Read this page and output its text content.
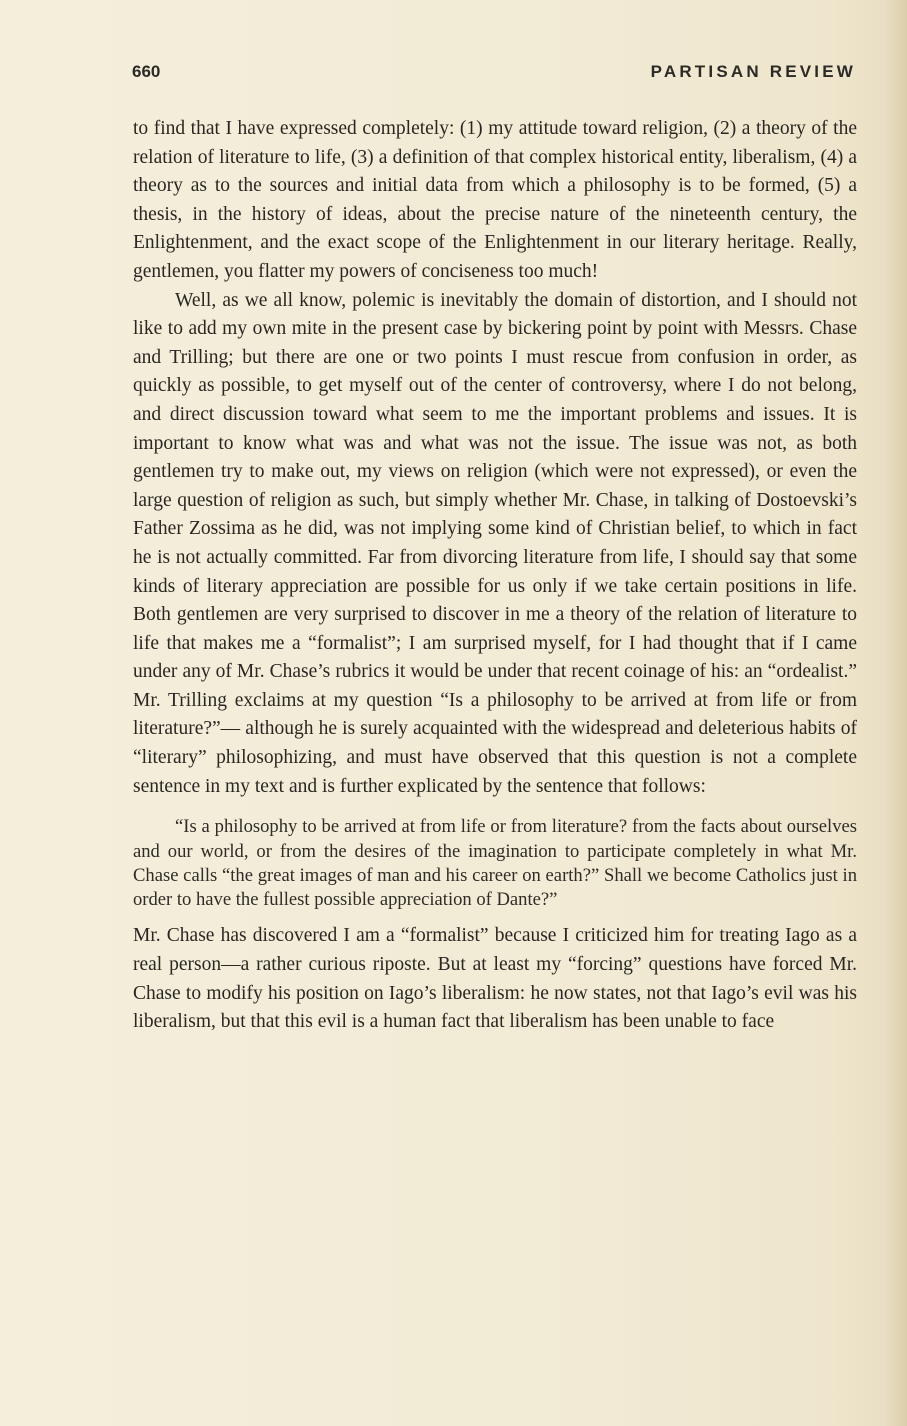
660	PARTISAN REVIEW

to find that I have expressed completely: (1) my attitude toward religion, (2) a theory of the relation of literature to life, (3) a definition of that complex historical entity, liberalism, (4) a theory as to the sources and initial data from which a philosophy is to be formed, (5) a thesis, in the history of ideas, about the precise nature of the nineteenth century, the Enlightenment, and the exact scope of the Enlightenment in our literary heritage. Really, gentlemen, you flatter my powers of conciseness too much!

Well, as we all know, polemic is inevitably the domain of distortion, and I should not like to add my own mite in the present case by bickering point by point with Messrs. Chase and Trilling; but there are one or two points I must rescue from confusion in order, as quickly as possible, to get myself out of the center of controversy, where I do not belong, and direct discussion toward what seem to me the important problems and issues. It is important to know what was and what was not the issue. The issue was not, as both gentlemen try to make out, my views on religion (which were not expressed), or even the large question of religion as such, but simply whether Mr. Chase, in talking of Dostoevski’s Father Zossima as he did, was not implying some kind of Christian belief, to which in fact he is not actually committed. Far from divorcing literature from life, I should say that some kinds of literary appreciation are possible for us only if we take certain positions in life. Both gentlemen are very surprised to discover in me a theory of the relation of literature to life that makes me a “formalist”; I am surprised myself, for I had thought that if I came under any of Mr. Chase’s rubrics it would be under that recent coinage of his: an “ordealist.” Mr. Trilling exclaims at my question “Is a philosophy to be arrived at from life or from literature?”— although he is surely acquainted with the widespread and deleterious habits of “literary” philosophizing, and must have observed that this question is not a complete sentence in my text and is further explicated by the sentence that follows:

“Is a philosophy to be arrived at from life or from literature? from the facts about ourselves and our world, or from the desires of the imagination to participate completely in what Mr. Chase calls “the great images of man and his career on earth?” Shall we become Catholics just in order to have the fullest possible appreciation of Dante?”

Mr. Chase has discovered I am a “formalist” because I criticized him for treating Iago as a real person—a rather curious riposte. But at least my “forcing” questions have forced Mr. Chase to modify his position on Iago’s liberalism: he now states, not that Iago’s evil was his liberalism, but that this evil is a human fact that liberalism has been unable to face
